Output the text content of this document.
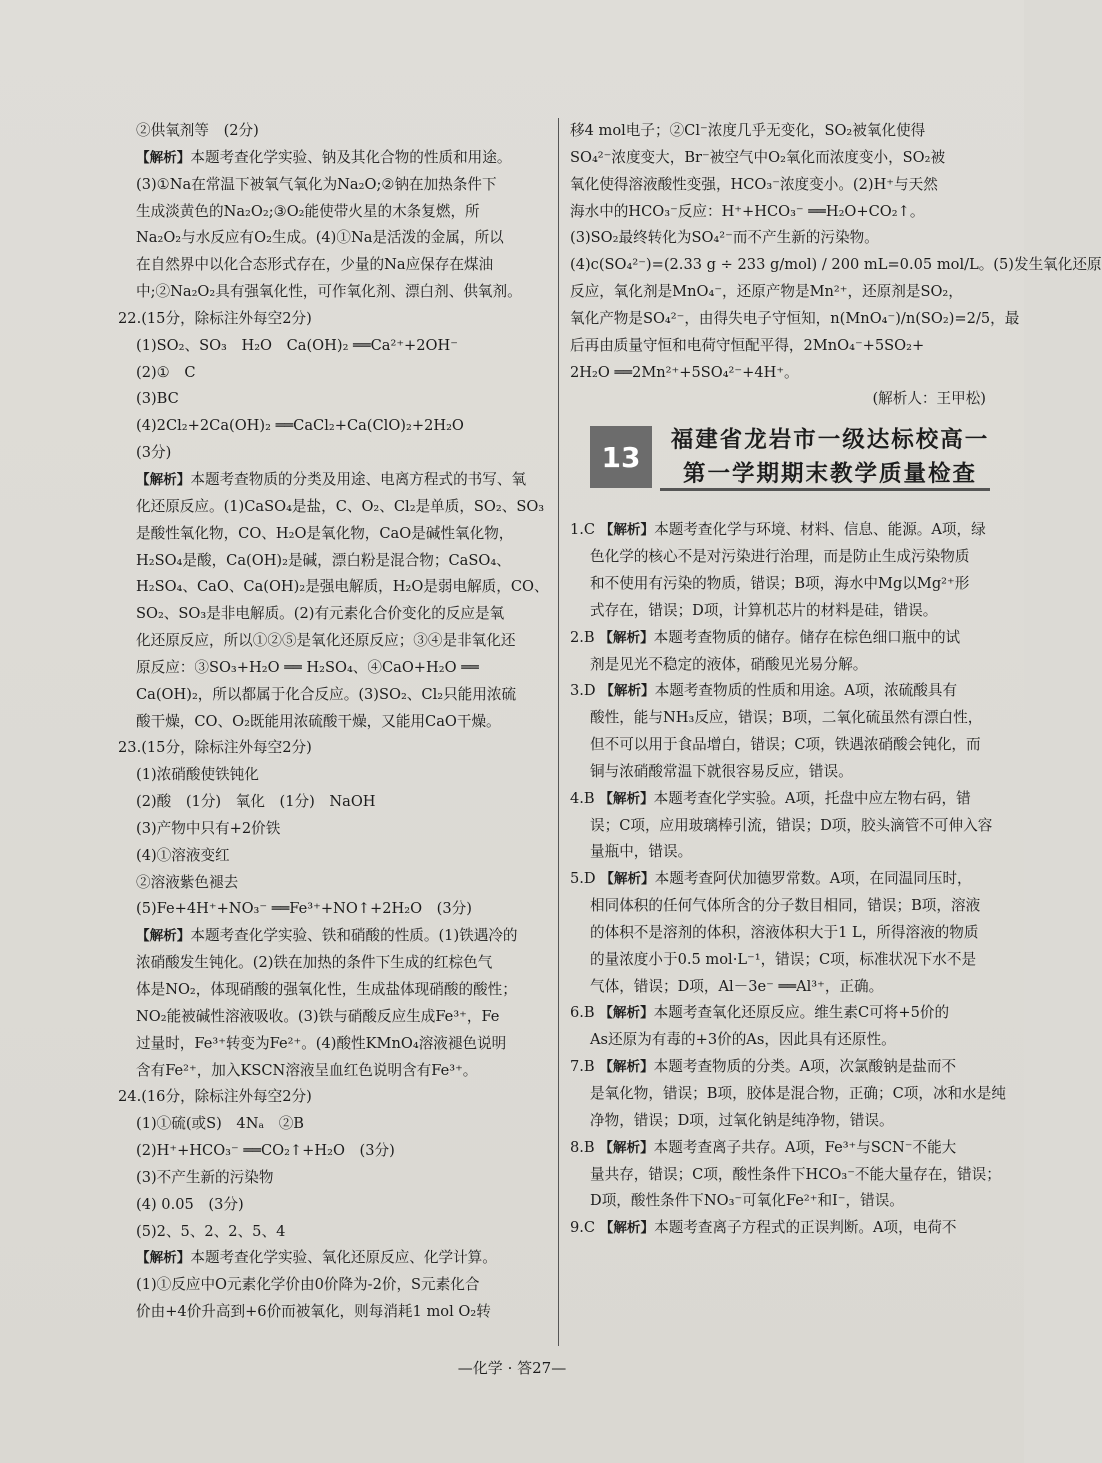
②供氧剂等　(2分)
【解析】本题考查化学实验、钠及其化合物的性质和用途。
(3)①Na在常温下被氧气氧化为Na₂O;②钠在加热条件下
生成淡黄色的Na₂O₂;③O₂能使带火星的木条复燃，所
Na₂O₂与水反应有O₂生成。(4)①Na是活泼的金属，所以
在自然界中以化合态形式存在，少量的Na应保存在煤油
中;②Na₂O₂具有强氧化性，可作氧化剂、漂白剂、供氧剂。
22.(15分，除标注外每空2分)
(1)SO₂、SO₃　H₂O　Ca(OH)₂ ══Ca²⁺+2OH⁻
(2)①　C
(3)BC
(4)2Cl₂+2Ca(OH)₂ ══CaCl₂+Ca(ClO)₂+2H₂O
(3分)
【解析】本题考查物质的分类及用途、电离方程式的书写、氧
化还原反应。(1)CaSO₄是盐，C、O₂、Cl₂是单质，SO₂、SO₃
是酸性氧化物，CO、H₂O是氧化物，CaO是碱性氧化物，
H₂SO₄是酸，Ca(OH)₂是碱，漂白粉是混合物；CaSO₄、
H₂SO₄、CaO、Ca(OH)₂是强电解质，H₂O是弱电解质，CO、
SO₂、SO₃是非电解质。(2)有元素化合价变化的反应是氧
化还原反应，所以①②⑤是氧化还原反应；③④是非氧化还
原反应：③SO₃+H₂O ══ H₂SO₄、④CaO+H₂O ══
Ca(OH)₂，所以都属于化合反应。(3)SO₂、Cl₂只能用浓硫
酸干燥，CO、O₂既能用浓硫酸干燥，又能用CaO干燥。
23.(15分，除标注外每空2分)
(1)浓硝酸使铁钝化
(2)酸　(1分)　氧化　(1分)　NaOH
(3)产物中只有+2价铁
(4)①溶液变红
②溶液紫色褪去
(5)Fe+4H⁺+NO₃⁻ ══Fe³⁺+NO↑+2H₂O　(3分)
【解析】本题考查化学实验、铁和硝酸的性质。(1)铁遇冷的
浓硝酸发生钝化。(2)铁在加热的条件下生成的红棕色气
体是NO₂，体现硝酸的强氧化性，生成盐体现硝酸的酸性；
NO₂能被碱性溶液吸收。(3)铁与硝酸反应生成Fe³⁺，Fe
过量时，Fe³⁺转变为Fe²⁺。(4)酸性KMnO₄溶液褪色说明
含有Fe²⁺，加入KSCN溶液呈血红色说明含有Fe³⁺。
24.(16分，除标注外每空2分)
(1)①硫(或S)　4Nₐ　②B
(2)H⁺+HCO₃⁻ ══CO₂↑+H₂O　(3分)
(3)不产生新的污染物
(4) 0.05　(3分)
(5)2、5、2、2、5、4
【解析】本题考查化学实验、氧化还原反应、化学计算。
(1)①反应中O元素化学价由0价降为-2价，S元素化合
价由+4价升高到+6价而被氧化，则每消耗1 mol O₂转
移4 mol电子；②Cl⁻浓度几乎无变化，SO₂被氧化使得
SO₄²⁻浓度变大，Br⁻被空气中O₂氧化而浓度变小，SO₂被
氧化使得溶液酸性变强，HCO₃⁻浓度变小。(2)H⁺与天然
海水中的HCO₃⁻反应：H⁺+HCO₃⁻ ══H₂O+CO₂↑。
(3)SO₂最终转化为SO₄²⁻而不产生新的污染物。
(4)c(SO₄²⁻)=(2.33 g ÷ 233 g/mol) / 200 mL=0.05 mol/L。(5)发生氧化还原
反应，氧化剂是MnO₄⁻，还原产物是Mn²⁺，还原剂是SO₂，
氧化产物是SO₄²⁻，由得失电子守恒知，n(MnO₄⁻)/n(SO₂)=2/5，最
后再由质量守恒和电荷守恒配平得，2MnO₄⁻+5SO₂+
2H₂O ══2Mn²⁺+5SO₄²⁻+4H⁺。
(解析人：王甲松)
13
福建省龙岩市一级达标校高一
第一学期期末教学质量检查
1.C 【解析】本题考查化学与环境、材料、信息、能源。A项，绿
色化学的核心不是对污染进行治理，而是防止生成污染物质
和不使用有污染的物质，错误；B项，海水中Mg以Mg²⁺形
式存在，错误；D项，计算机芯片的材料是硅，错误。
2.B 【解析】本题考查物质的储存。储存在棕色细口瓶中的试
剂是见光不稳定的液体，硝酸见光易分解。
3.D 【解析】本题考查物质的性质和用途。A项，浓硫酸具有
酸性，能与NH₃反应，错误；B项，二氧化硫虽然有漂白性，
但不可以用于食品增白，错误；C项，铁遇浓硝酸会钝化，而
铜与浓硝酸常温下就很容易反应，错误。
4.B 【解析】本题考查化学实验。A项，托盘中应左物右码，错
误；C项，应用玻璃棒引流，错误；D项，胶头滴管不可伸入容
量瓶中，错误。
5.D 【解析】本题考查阿伏加德罗常数。A项，在同温同压时，
相同体积的任何气体所含的分子数目相同，错误；B项，溶液
的体积不是溶剂的体积，溶液体积大于1 L，所得溶液的物质
的量浓度小于0.5 mol·L⁻¹，错误；C项，标准状况下水不是
气体，错误；D项，Al－3e⁻ ══Al³⁺，正确。
6.B 【解析】本题考查氧化还原反应。维生素C可将+5价的
As还原为有毒的+3价的As，因此具有还原性。
7.B 【解析】本题考查物质的分类。A项，次氯酸钠是盐而不
是氧化物，错误；B项，胶体是混合物，正确；C项，冰和水是纯
净物，错误；D项，过氧化钠是纯净物，错误。
8.B 【解析】本题考查离子共存。A项，Fe³⁺与SCN⁻不能大
量共存，错误；C项，酸性条件下HCO₃⁻不能大量存在，错误；
D项，酸性条件下NO₃⁻可氧化Fe²⁺和I⁻，错误。
9.C 【解析】本题考查离子方程式的正误判断。A项，电荷不
—化学 · 答27—
